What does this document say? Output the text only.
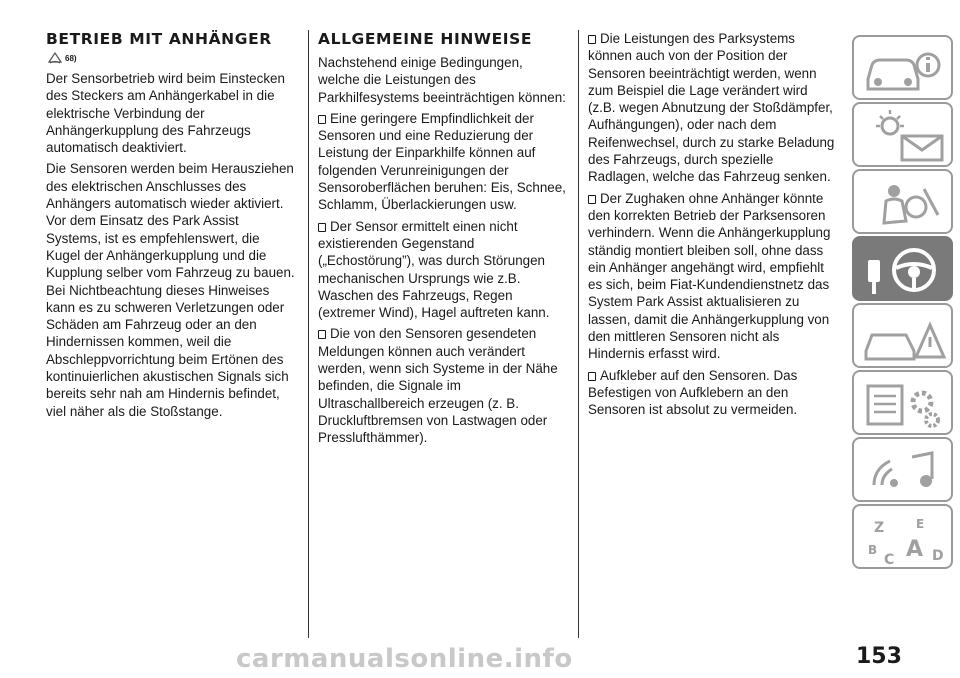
BETRIEB MIT ANHÄNGER
68)

Der Sensorbetrieb wird beim Einstecken des Steckers am Anhängerkabel in die elektrische Verbindung der Anhängerkupplung des Fahrzeugs automatisch deaktiviert.

Die Sensoren werden beim Herausziehen des elektrischen Anschlusses des Anhängers automatisch wieder aktiviert. Vor dem Einsatz des Park Assist Systems, ist es empfehlenswert, die Kugel der Anhängerkupplung und die Kupplung selber vom Fahrzeug zu bauen. Bei Nichtbeachtung dieses Hinweises kann es zu schweren Verletzungen oder Schäden am Fahrzeug oder an den Hindernissen kommen, weil die Abschleppvorrichtung beim Ertönen des kontinuierlichen akustischen Signals sich bereits sehr nah am Hindernis befindet, viel näher als die Stoßstange.

ALLGEMEINE HINWEISE

Nachstehend einige Bedingungen, welche die Leistungen des Parkhilfesystems beeinträchtigen können:

Eine geringere Empfindlichkeit der Sensoren und eine Reduzierung der Leistung der Einparkhilfe können auf folgenden Verunreinigungen der Sensoroberflächen beruhen: Eis, Schnee, Schlamm, Überlackierungen usw.

Der Sensor ermittelt einen nicht existierenden Gegenstand („Echostörung”), was durch Störungen mechanischen Ursprungs wie z.B. Waschen des Fahrzeugs, Regen (extremer Wind), Hagel auftreten kann.

Die von den Sensoren gesendeten Meldungen können auch verändert werden, wenn sich Systeme in der Nähe befinden, die Signale im Ultraschallbereich erzeugen (z. B. Druckluftbremsen von Lastwagen oder Presslufthämmer).

Die Leistungen des Parksystems können auch von der Position der Sensoren beeinträchtigt werden, wenn zum Beispiel die Lage verändert wird (z.B. wegen Abnutzung der Stoßdämpfer, Aufhängungen), oder nach dem Reifenwechsel, durch zu starke Beladung des Fahrzeugs, durch spezielle Radlagen, welche das Fahrzeug senken.

Der Zughaken ohne Anhänger könnte den korrekten Betrieb der Parksensoren verhindern. Wenn die Anhängerkupplung ständig montiert bleiben soll, ohne dass ein Anhänger angehängt wird, empfiehlt es sich, beim Fiat-Kundendienstnetz das System Park Assist aktualisieren zu lassen, damit die Anhängerkupplung von den mittleren Sensoren nicht als Hindernis erfasst wird.

Aufkleber auf den Sensoren. Das Befestigen von Aufklebern an den Sensoren ist absolut zu vermeiden.

Z	E
B A
C	D
carmanualsonline.info	153
